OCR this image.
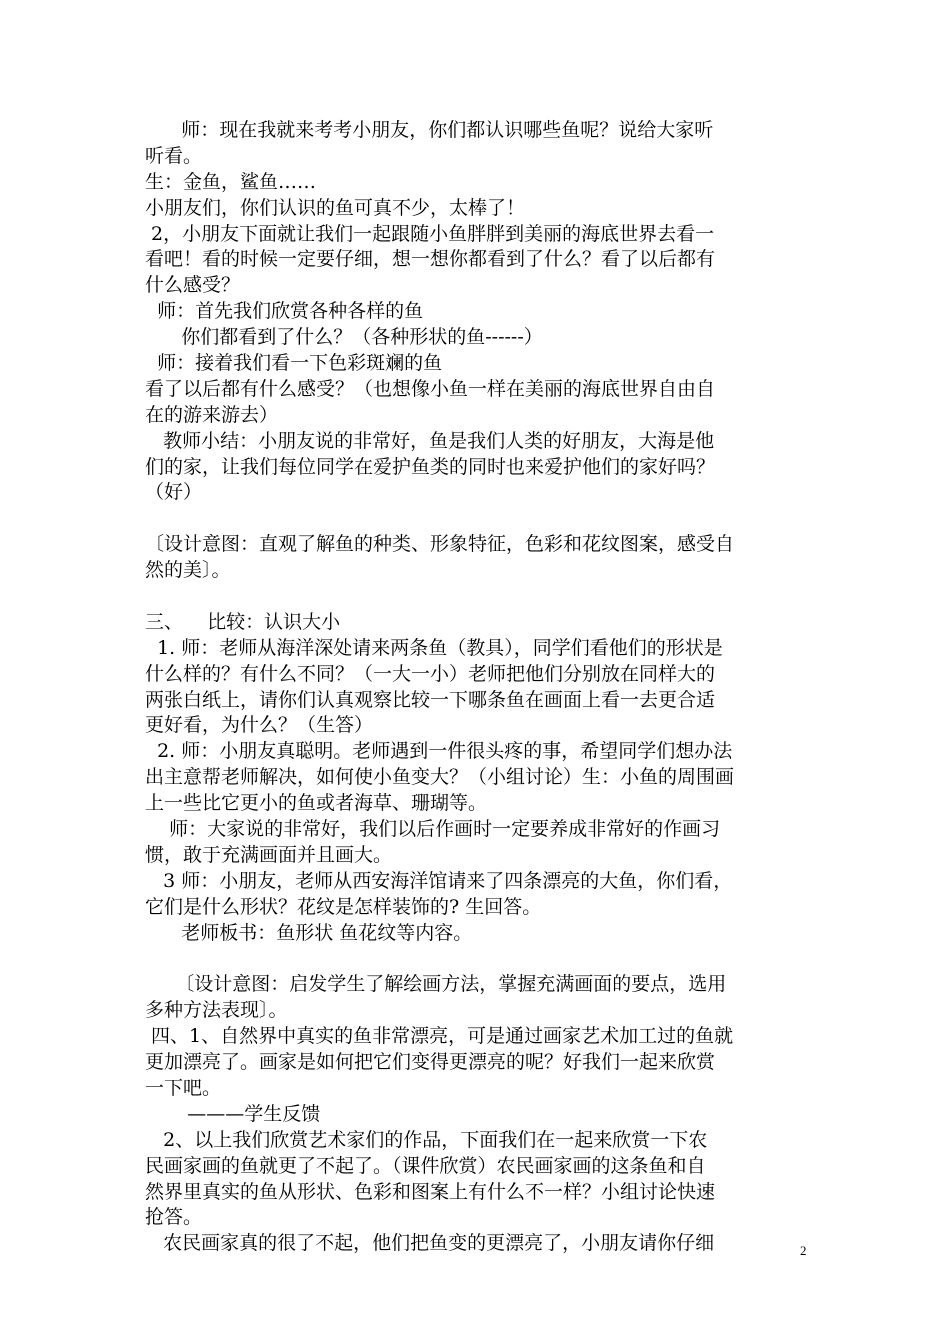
师：现在我就来考考小朋友，你们都认识哪些鱼呢？说给大家听
听看。
生：金鱼，鲨鱼……
小朋友们，你们认识的鱼可真不少，太棒了！
2，小朋友下面就让我们一起跟随小鱼胖胖到美丽的海底世界去看一
看吧！看的时候一定要仔细，想一想你都看到了什么？看了以后都有
什么感受？
师：首先我们欣赏各种各样的鱼
你们都看到了什么？（各种形状的鱼------）
师：接着我们看一下色彩斑斓的鱼
看了以后都有什么感受？（也想像小鱼一样在美丽的海底世界自由自
在的游来游去）
教师小结：小朋友说的非常好，鱼是我们人类的好朋友，大海是他
们的家，让我们每位同学在爱护鱼类的同时也来爱护他们的家好吗？
（好）
〔设计意图：直观了解鱼的种类、形象特征，色彩和花纹图案，感受自
然的美〕。
三、    比较：认识大小
1. 师：老师从海洋深处请来两条鱼（教具），同学们看他们的形状是
什么样的？有什么不同？（一大一小）老师把他们分别放在同样大的
两张白纸上，请你们认真观察比较一下哪条鱼在画面上看一去更合适
更好看，为什么？（生答）
2. 师：小朋友真聪明。老师遇到一件很头疼的事，希望同学们想办法
出主意帮老师解决，如何使小鱼变大？（小组讨论）生：小鱼的周围画
上一些比它更小的鱼或者海草、珊瑚等。
师：大家说的非常好，我们以后作画时一定要养成非常好的作画习
惯，敢于充满画面并且画大。
3 师：小朋友，老师从西安海洋馆请来了四条漂亮的大鱼，你们看，
它们是什么形状？花纹是怎样装饰的? 生回答。
老师板书：鱼形状 鱼花纹等内容。
〔设计意图：启发学生了解绘画方法，掌握充满画面的要点，选用
多种方法表现〕。
四、1、自然界中真实的鱼非常漂亮，可是通过画家艺术加工过的鱼就
更加漂亮了。画家是如何把它们变得更漂亮的呢？好我们一起来欣赏
一下吧。
———学生反馈
2、以上我们欣赏艺术家们的作品，下面我们在一起来欣赏一下农
民画家画的鱼就更了不起了。（课件欣赏）农民画家画的这条鱼和自
然界里真实的鱼从形状、色彩和图案上有什么不一样？小组讨论快速
抢答。
农民画家真的很了不起，他们把鱼变的更漂亮了，小朋友请你仔细	2
